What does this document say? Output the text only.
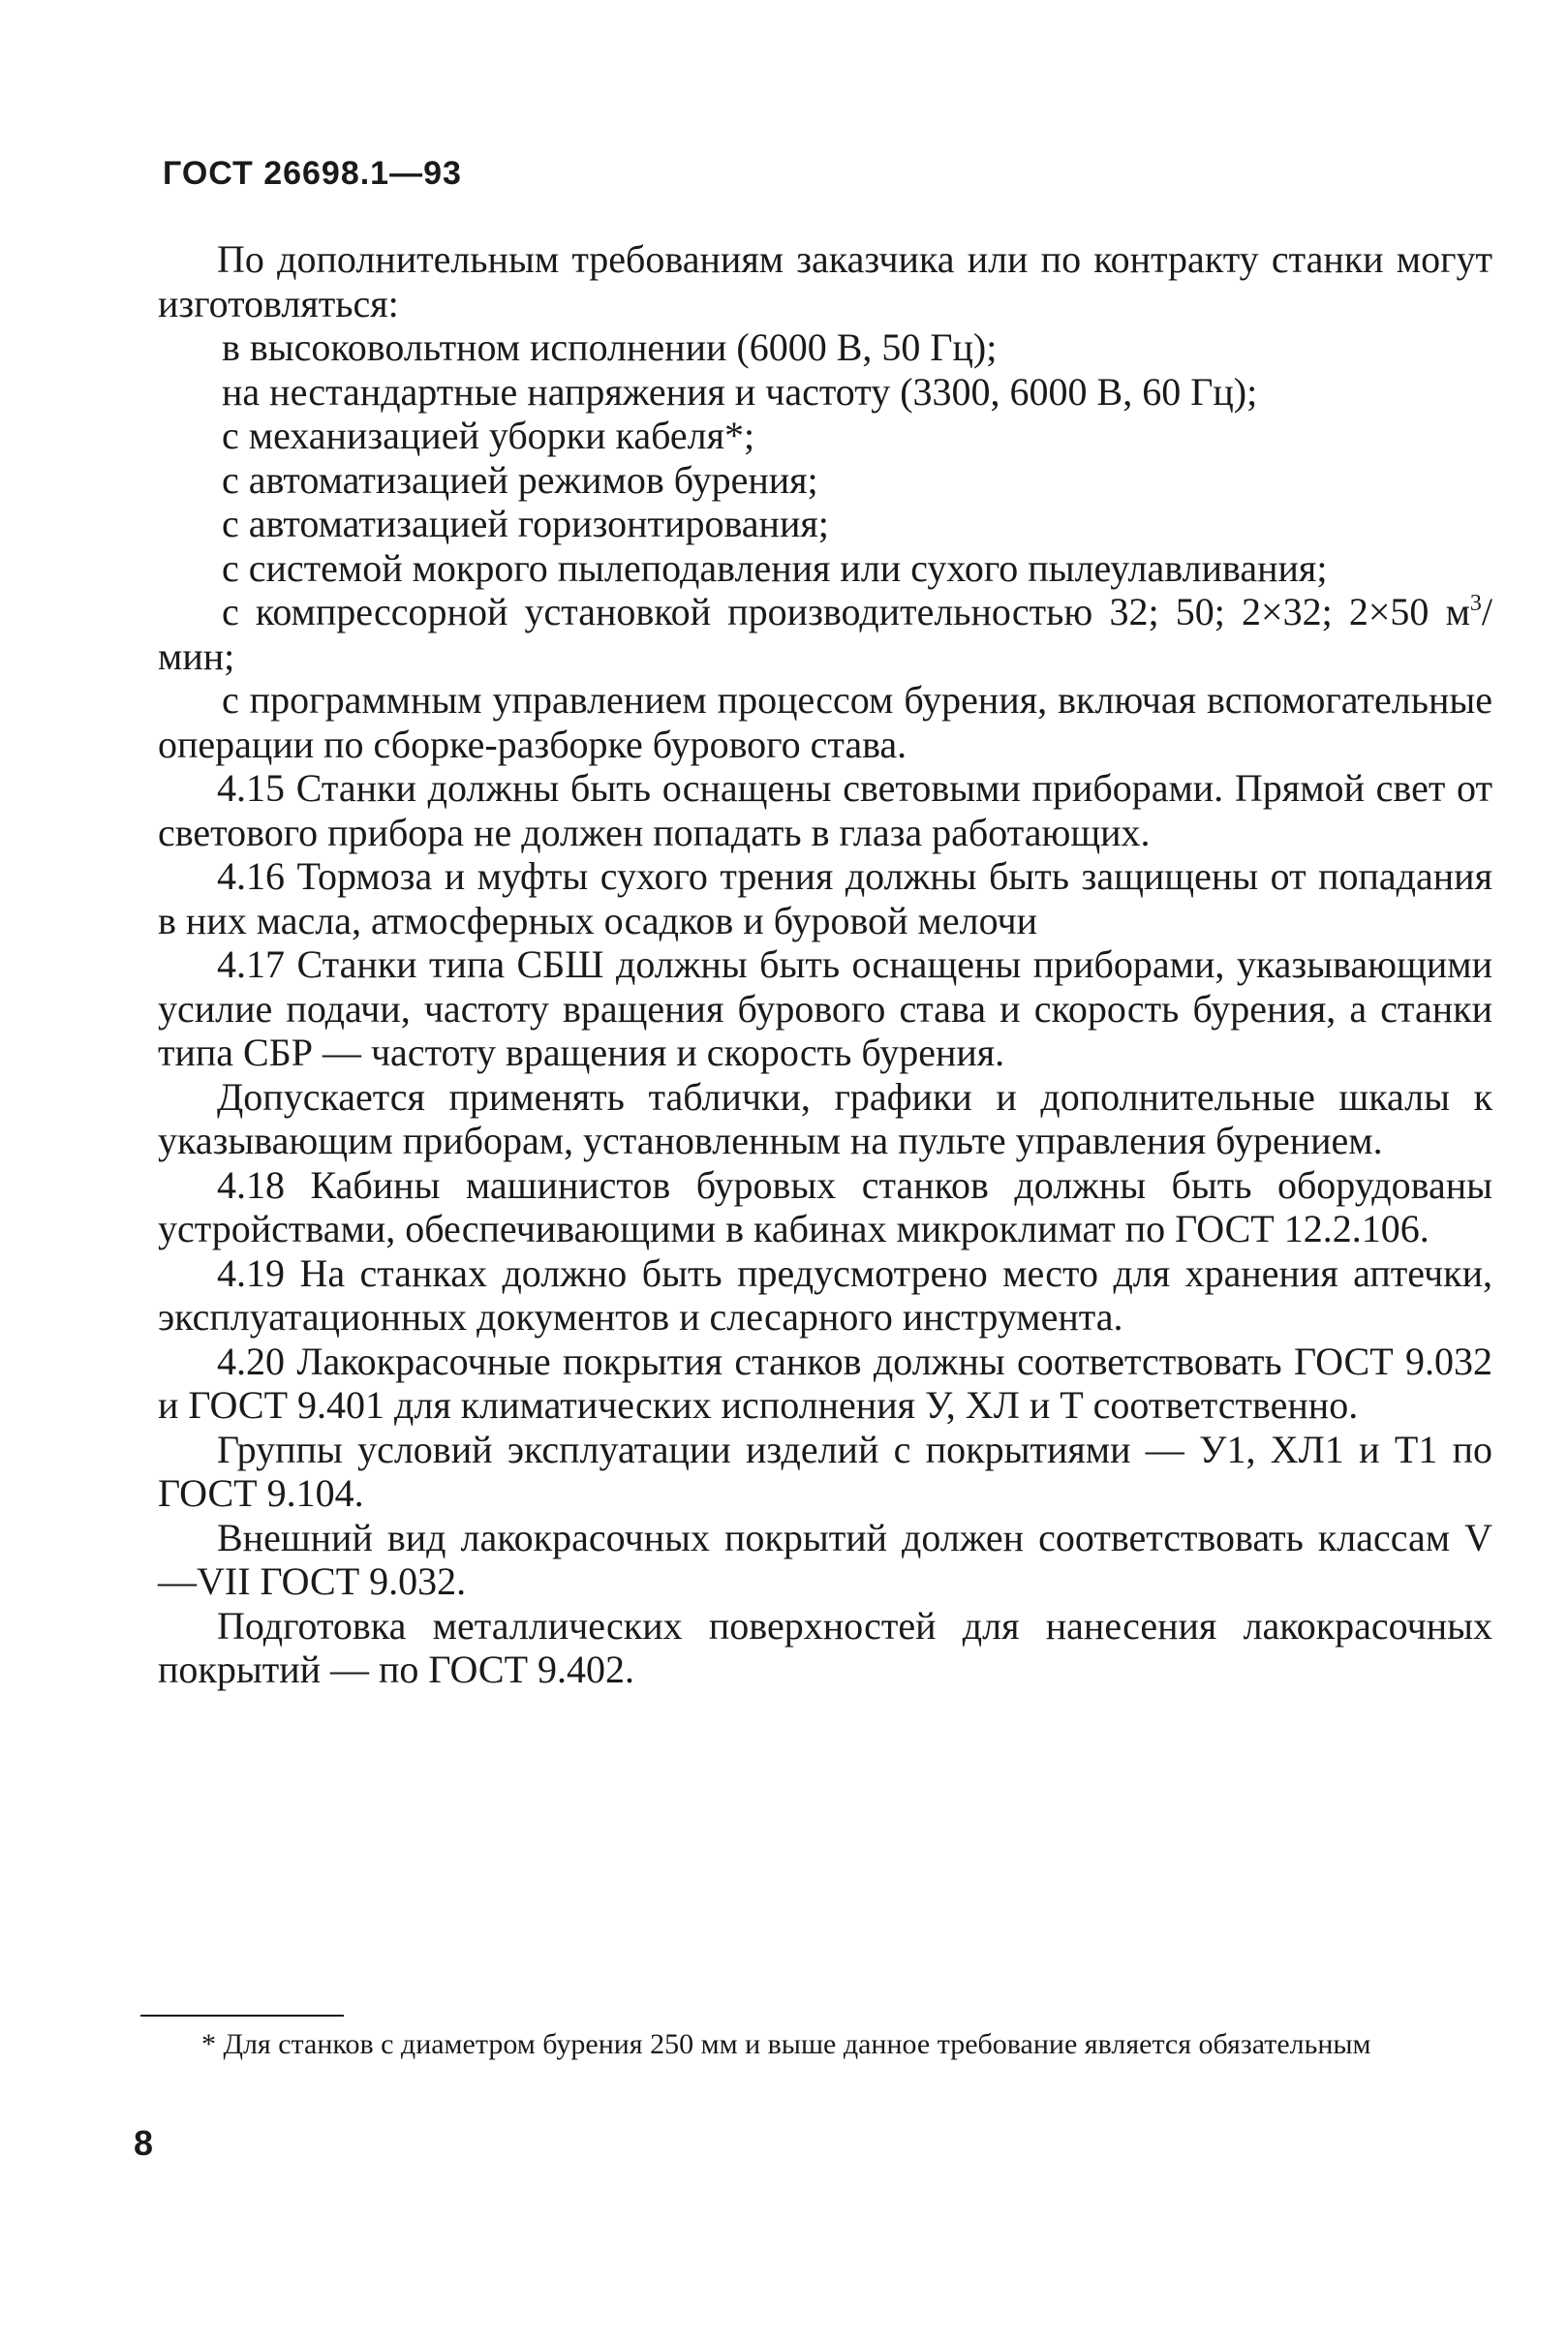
ГОСТ 26698.1—93

По дополнительным требованиям заказчика или по контракту станки могут изготовляться:

в высоковольтном исполнении (6000 В, 50 Гц);

на нестандартные напряжения и частоту (3300, 6000 В, 60 Гц);

с механизацией уборки кабеля*;

с автоматизацией режимов бурения;

с автоматизацией горизонтирования;

с системой мокрого пылеподавления или сухого пылеулавливания;

с компрессорной установкой производительностью 32; 50; 2×32; 2×50 $м^3$/мин;

с программным управлением процессом бурения, включая вспомогательные операции по сборке-разборке бурового става.

4.15 Станки должны быть оснащены световыми приборами. Прямой свет от светового прибора не должен попадать в глаза работающих.

4.16 Тормоза и муфты сухого трения должны быть защищены от попадания в них масла, атмосферных осадков и буровой мелочи

4.17 Станки типа СБШ должны быть оснащены приборами, указывающими усилие подачи, частоту вращения бурового става и скорость бурения, а станки типа СБР — частоту вращения и скорость бурения.

Допускается применять таблички, графики и дополнительные шкалы к указывающим приборам, установленным на пульте управления бурением.

4.18 Кабины машинистов буровых станков должны быть оборудованы устройствами, обеспечивающими в кабинах микроклимат по ГОСТ 12.2.106.

4.19 На станках должно быть предусмотрено место для хранения аптечки, эксплуатационных документов и слесарного инструмента.

4.20 Лакокрасочные покрытия станков должны соответствовать ГОСТ 9.032 и ГОСТ 9.401 для климатических исполнения У, ХЛ и Т соответственно.

Группы условий эксплуатации изделий с покрытиями — У1, ХЛ1 и Т1 по ГОСТ 9.104.

Внешний вид лакокрасочных покрытий должен соответствовать классам V—VII ГОСТ 9.032.

Подготовка металлических поверхностей для нанесения лакокрасочных покрытий — по ГОСТ 9.402.

* Для станков с диаметром бурения 250 мм и выше данное требование является обязательным
8
